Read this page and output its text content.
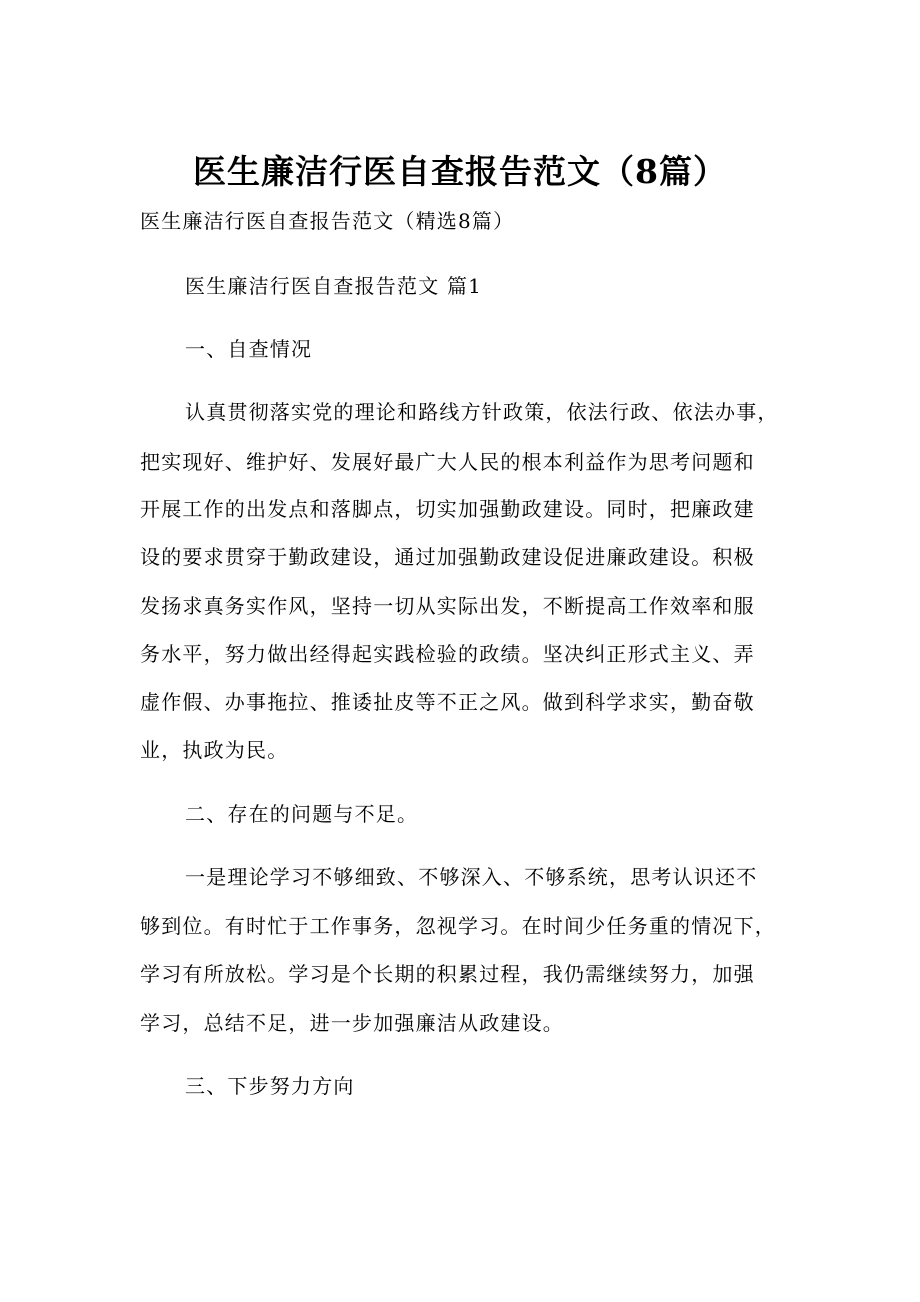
医生廉洁行医自查报告范文（8篇）
医生廉洁行医自查报告范文（精选8篇）
医生廉洁行医自查报告范文 篇1
一、自查情况
认真贯彻落实党的理论和路线方针政策，依法行政、依法办事，
把实现好、维护好、发展好最广大人民的根本利益作为思考问题和
开展工作的出发点和落脚点，切实加强勤政建设。同时，把廉政建
设的要求贯穿于勤政建设，通过加强勤政建设促进廉政建设。积极
发扬求真务实作风，坚持一切从实际出发，不断提高工作效率和服
务水平，努力做出经得起实践检验的政绩。坚决纠正形式主义、弄
虚作假、办事拖拉、推诿扯皮等不正之风。做到科学求实，勤奋敬
业，执政为民。
二、存在的问题与不足。
一是理论学习不够细致、不够深入、不够系统，思考认识还不
够到位。有时忙于工作事务，忽视学习。在时间少任务重的情况下，
学习有所放松。学习是个长期的积累过程，我仍需继续努力，加强
学习，总结不足，进一步加强廉洁从政建设。
三、下步努力方向
